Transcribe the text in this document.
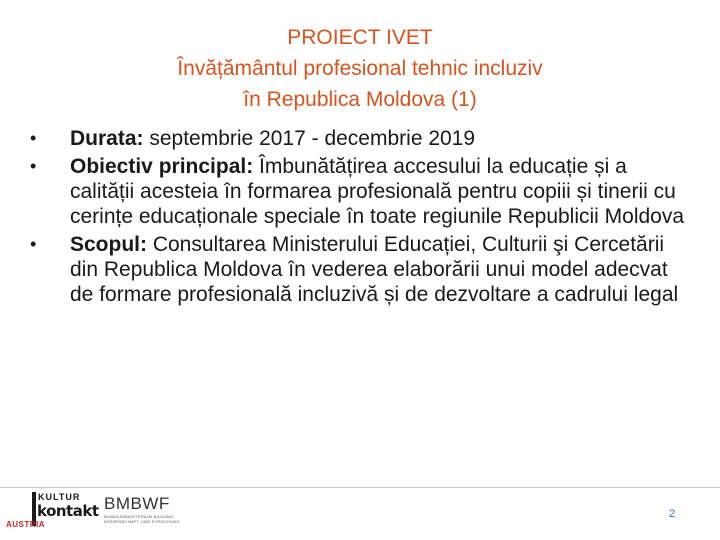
PROIECT IVET
Învățământul profesional tehnic incluziv
în Republica Moldova (1)
• Durata: septembrie 2017 - decembrie 2019
• Obiectiv principal: Îmbunătățirea accesului la educație și a calității acesteia în formarea profesională pentru copiii și tinerii cu cerințe educaționale speciale în toate regiunile Republicii Moldova
• Scopul: Consultarea Ministerului Educației, Culturii şi Cercetării din Republica Moldova în vederea elaborării unui model adecvat de formare profesională incluzivă și de dezvoltare a cadrului legal
KULTUR
kontakt
AUSTRIA
BMBWF
BUNDESMINISTERIUM BILDUNG, WISSENSCHAFT UND FORSCHUNG
2
